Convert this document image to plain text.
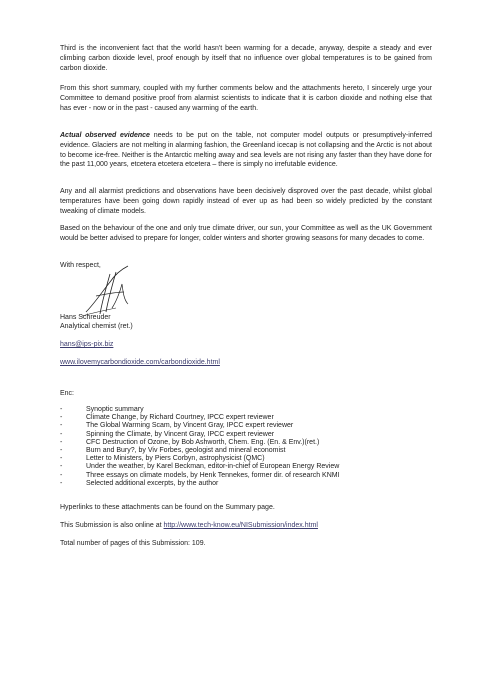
Third is the inconvenient fact that the world hasn't been warming for a decade, anyway, despite a steady and ever climbing carbon dioxide level, proof enough by itself that no influence over global temperatures is to be gained from carbon dioxide.

From this short summary, coupled with my further comments below and the attachments hereto, I sincerely urge your Committee to demand positive proof from alarmist scientists to indicate that it is carbon dioxide and nothing else that has ever - now or in the past - caused any warming of the earth.

Actual observed evidence needs to be put on the table, not computer model outputs or presumptively-inferred evidence. Glaciers are not melting in alarming fashion, the Greenland icecap is not collapsing and the Arctic is not about to become ice-free. Neither is the Antarctic melting away and sea levels are not rising any faster than they have done for the past 11,000 years, etcetera etcetera etcetera – there is simply no irrefutable evidence.

Any and all alarmist predictions and observations have been decisively disproved over the past decade, whilst global temperatures have been going down rapidly instead of ever up as had been so widely predicted by the constant tweaking of climate models.

Based on the behaviour of the one and only true climate driver, our sun, your Committee as well as the UK Government would be better advised to prepare for longer, colder winters and shorter growing seasons for many decades to come.

With respect,

Hans Schreuder

Analytical chemist (ret.)

hans@ips-pix.biz

www.ilovemycarbondioxide.com/carbondioxide.html

Enc:

-	Synoptic summary
-	Climate Change, by Richard Courtney, IPCC expert reviewer
-	The Global Warming Scam, by Vincent Gray, IPCC expert reviewer
-	Spinning the Climate, by Vincent Gray, IPCC expert reviewer
-	CFC Destruction of Ozone, by Bob Ashworth, Chem. Eng. (En. & Env.)(ret.)
-	Burn and Bury?, by Viv Forbes, geologist and mineral economist
-	Letter to Ministers, by Piers Corbyn, astrophysicist (QMC)
-	Under the weather, by Karel Beckman, editor-in-chief of European Energy Review
-	Three essays on climate models, by Henk Tennekes, former dir. of research KNMI
-	Selected additional excerpts, by the author

Hyperlinks to these attachments can be found on the Summary page.

This Submission is also online at http://www.tech-know.eu/NISubmission/index.html

Total number of pages of this Submission: 109.
